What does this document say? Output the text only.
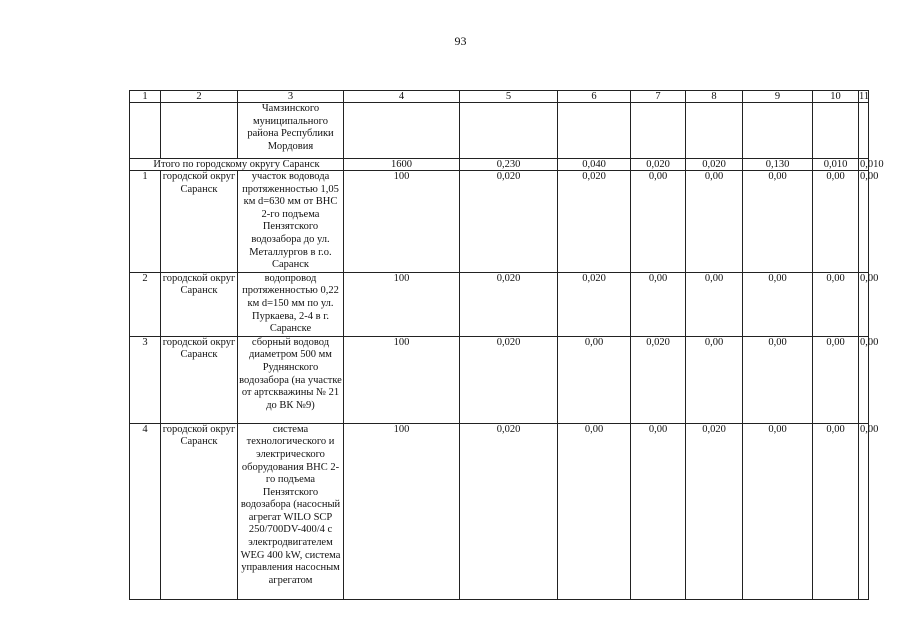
93
1	2	3	4	5	6	7	8	9	10	11
		Чамзинского муниципального района Республики Мордовия								
Итого по городскому округу Саранск			1600	0,230	0,040	0,020	0,020	0,130	0,010	0,010
1	городской округ Саранск	участок водовода протяженностью 1,05 км d=630 мм от ВНС 2-го подъема Пензятского водозабора до ул. Металлургов в г.о. Саранск	100	0,020	0,020	0,00	0,00	0,00	0,00	0,00
2	городской округ Саранск	водопровод протяженностью 0,22 км d=150 мм по ул. Пуркаева, 2-4 в г. Саранске	100	0,020	0,020	0,00	0,00	0,00	0,00	0,00
3	городской округ Саранск	сборный водовод диаметром 500 мм Руднянского водозабора (на участке от артскважины № 21 до ВК №9)	100	0,020	0,00	0,020	0,00	0,00	0,00	0,00
4	городской округ Саранск	система технологического и электрического оборудования ВНС 2-го подъема Пензятского водозабора (насосный агрегат WILO SCP 250/700DV-400/4 с электродвигателем WEG 400 kW, система управления насосным агрегатом	100	0,020	0,00	0,00	0,020	0,00	0,00	0,00
